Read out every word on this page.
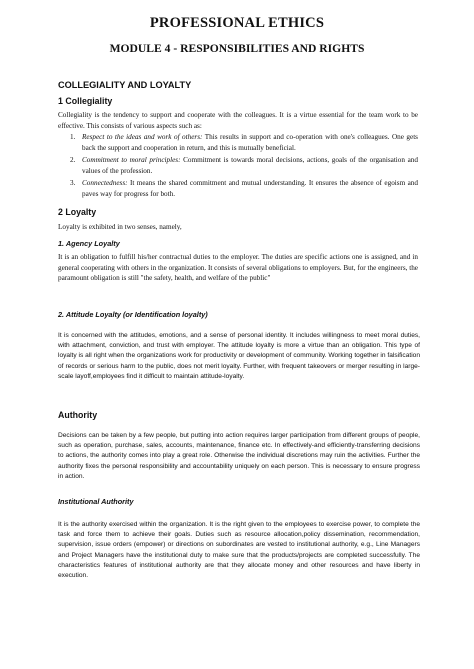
PROFESSIONAL ETHICS
MODULE 4 - RESPONSIBILITIES AND RIGHTS
COLLEGIALITY AND LOYALTY
1 Collegiality
Collegiality is the tendency to support and cooperate with the colleagues. It is a virtue essential for the team work to be effective. This consists of various aspects such as:
1. Respect to the ideas and work of others: This results in support and co-operation with one's colleagues. One gets back the support and cooperation in return, and this is mutually beneficial.
2. Commitment to moral principles: Commitment is towards moral decisions, actions, goals of the organisation and values of the profession.
3. Connectedness: It means the shared commitment and mutual understanding. It ensures the absence of egoism and paves way for progress for both.
2 Loyalty
Loyalty is exhibited in two senses, namely,
1. Agency Loyalty
It is an obligation to fulfill his/her contractual duties to the employer. The duties are specific actions one is assigned, and in general cooperating with others in the organization. It consists of several obligations to employers. But, for the engineers, the paramount obligation is still "the safety, health, and welfare of the public"
2. Attitude Loyalty (or Identification loyalty)
It is concerned with the attitudes, emotions, and a sense of personal identity. It includes willingness to meet moral duties, with attachment, conviction, and trust with employer. The attitude loyalty is more a virtue than an obligation. This type of loyalty is all right when the organizations work for productivity or development of community. Working together in falsification of records or serious harm to the public, does not merit loyalty. Further, with frequent takeovers or merger resulting in large-scale layoff,employees find it difficult to maintain attitude-loyalty.
Authority
Decisions can be taken by a few people, but putting into action requires larger participation from different groups of people, such as operation, purchase, sales, accounts, maintenance, finance etc. In effectively-and efficiently-transferring decisions to actions, the authority comes into play a great role. Otherwise the individual discretions may ruin the activities. Further the authority fixes the personal responsibility and accountability uniquely on each person. This is necessary to ensure progress in action.
Institutional Authority
It is the authority exercised within the organization. It is the right given to the employees to exercise power, to complete the task and force them to achieve their goals. Duties such as resource allocation,policy dissemination, recommendation, supervision, issue orders (empower) or directions on subordinates are vested to institutional authority, e.g., Line Managers and Project Managers have the institutional duty to make sure that the products/projects are completed successfully. The characteristics features of institutional authority are that they allocate money and other resources and have liberty in execution.
